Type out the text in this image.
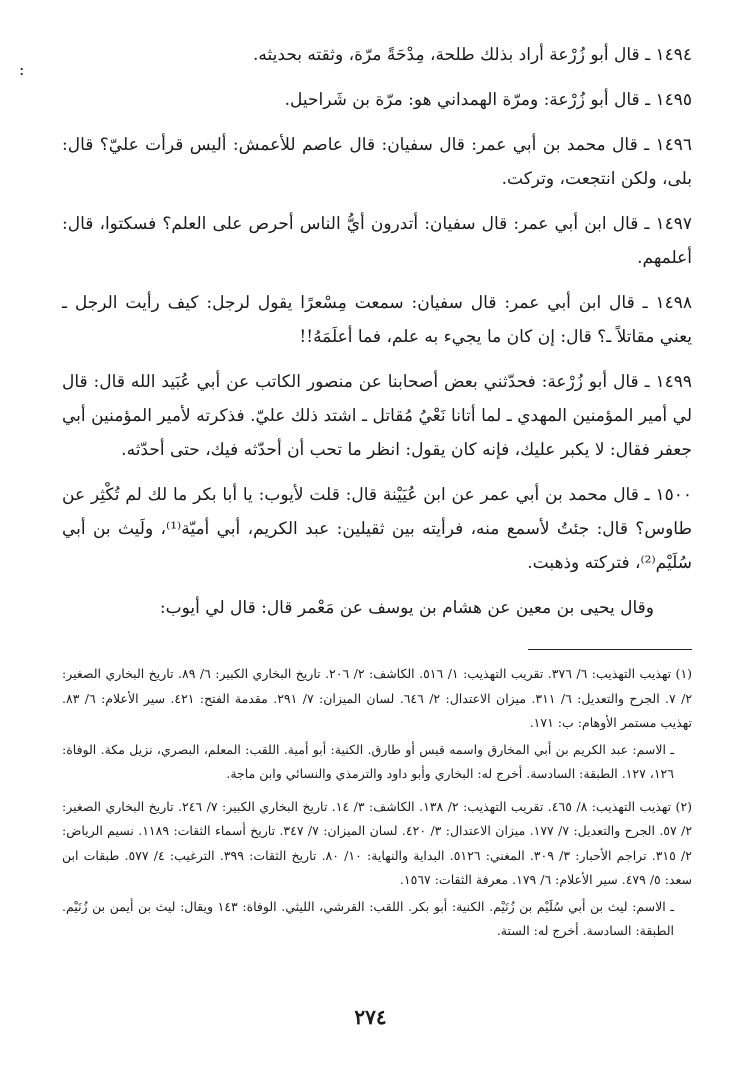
١٤٩٤ ـ قال أبو زُرْعة أراد بذلك طلحة، مِدْحَةً مرّة، وثقته بحديثه.

١٤٩٥ ـ قال أبو زُرْعة: ومرّة الهمداني هو: مرّة بن شَراحيل.

١٤٩٦ ـ قال محمد بن أبي عمر: قال سفيان: قال عاصم للأعمش: أليس قرأت عليّ؟ قال: بلى، ولكن انتجعت، وتركت.

١٤٩٧ ـ قال ابن أبي عمر: قال سفيان: أتدرون أيُّ الناس أحرص على العلم؟ فسكتوا، قال: أعلمهم.

١٤٩٨ ـ قال ابن أبي عمر: قال سفيان: سمعت مِسْعرًا يقول لرجل: كيف رأيت الرجل ـ يعني مقاتلاً ـ؟ قال: إن كان ما يجيء به علم، فما أعلَمَهُ!!

١٤٩٩ ـ قال أبو زُرْعة: فحدّثني بعض أصحابنا عن منصور الكاتب عن أبي عُبَيد الله قال: قال لي أمير المؤمنين المهدي ـ لما أتانا نَعْيُ مُقاتل ـ اشتد ذلك عليّ. فذكرته لأمير المؤمنين أبي جعفر فقال: لا يكبر عليك، فإنه كان يقول: انظر ما تحب أن أحدّثه فيك، حتى أحدّثه.

١٥٠٠ ـ قال محمد بن أبي عمر عن ابن عُيَيْنة قال: قلت لأيوب: يا أبا بكر ما لك لم تُكْثِر عن طاوس؟ قال: جئتُ لأسمع منه، فرأيته بين ثقيلين: عبد الكريم، أبي أميّة⁽¹⁾، ولَيث بن أبي سُلَيْم⁽²⁾، فتركته وذهبت.

وقال يحيى بن معين عن هشام بن يوسف عن مَعْمر قال: قال لي أيوب:

(١) تهذيب التهذيب: ٦/ ٣٧٦. تقريب التهذيب: ١/ ٥١٦. الكاشف: ٢/ ٢٠٦. تاريخ البخاري الكبير: ٦/ ٨٩. تاريخ البخاري الصغير: ٢/ ٧. الجرح والتعديل: ٦/ ٣١١. ميزان الاعتدال: ٢/ ٦٤٦. لسان الميزان: ٧/ ٢٩١. مقدمة الفتح: ٤٢١. سير الأعلام: ٦/ ٨٣. تهذيب مستمر الأوهام: ب: ١٧١.

ـ الاسم: عبد الكريم بن أبي المخارق واسمه قيس أو طارق. الكنية: أبو أمية. اللقب: المعلم، البصري، نزيل مكة. الوفاة: ١٢٦، ١٢٧. الطبقة: السادسة. أخرج له: البخاري وأبو داود والترمذي والنسائي وابن ماجة.

(٢) تهذيب التهذيب: ٨/ ٤٦٥. تقريب التهذيب: ٢/ ١٣٨. الكاشف: ٣/ ١٤. تاريخ البخاري الكبير: ٧/ ٢٤٦. تاريخ البخاري الصغير: ٢/ ٥٧. الجرح والتعديل: ٧/ ١٧٧. ميزان الاعتدال: ٣/ ٤٢٠. لسان الميزان: ٧/ ٣٤٧. تاريخ أسماء الثقات: ١١٨٩. نسيم الرياض: ٢/ ٣١٥. تراجم الأحبار: ٣/ ٣٠٩. المغني: ٥١٢٦. البداية والنهاية: ١٠/ ٨٠. تاريخ الثقات: ٣٩٩. الترغيب: ٤/ ٥٧٧. طبقات ابن سعد: ٥/ ٤٧٩. سير الأعلام: ٦/ ١٧٩. معرفة الثقات: ١٥٦٧.

ـ الاسم: ليث بن أبي سُلَيْم بن زُنَيْم. الكنية: أبو بكر. اللقب: القرشي، الليثي. الوفاة: ١٤٣ ويقال: ليث بن أيمن بن زُنَيْم. الطبقة: السادسة. أخرج له: الستة.

:
٢٧٤
